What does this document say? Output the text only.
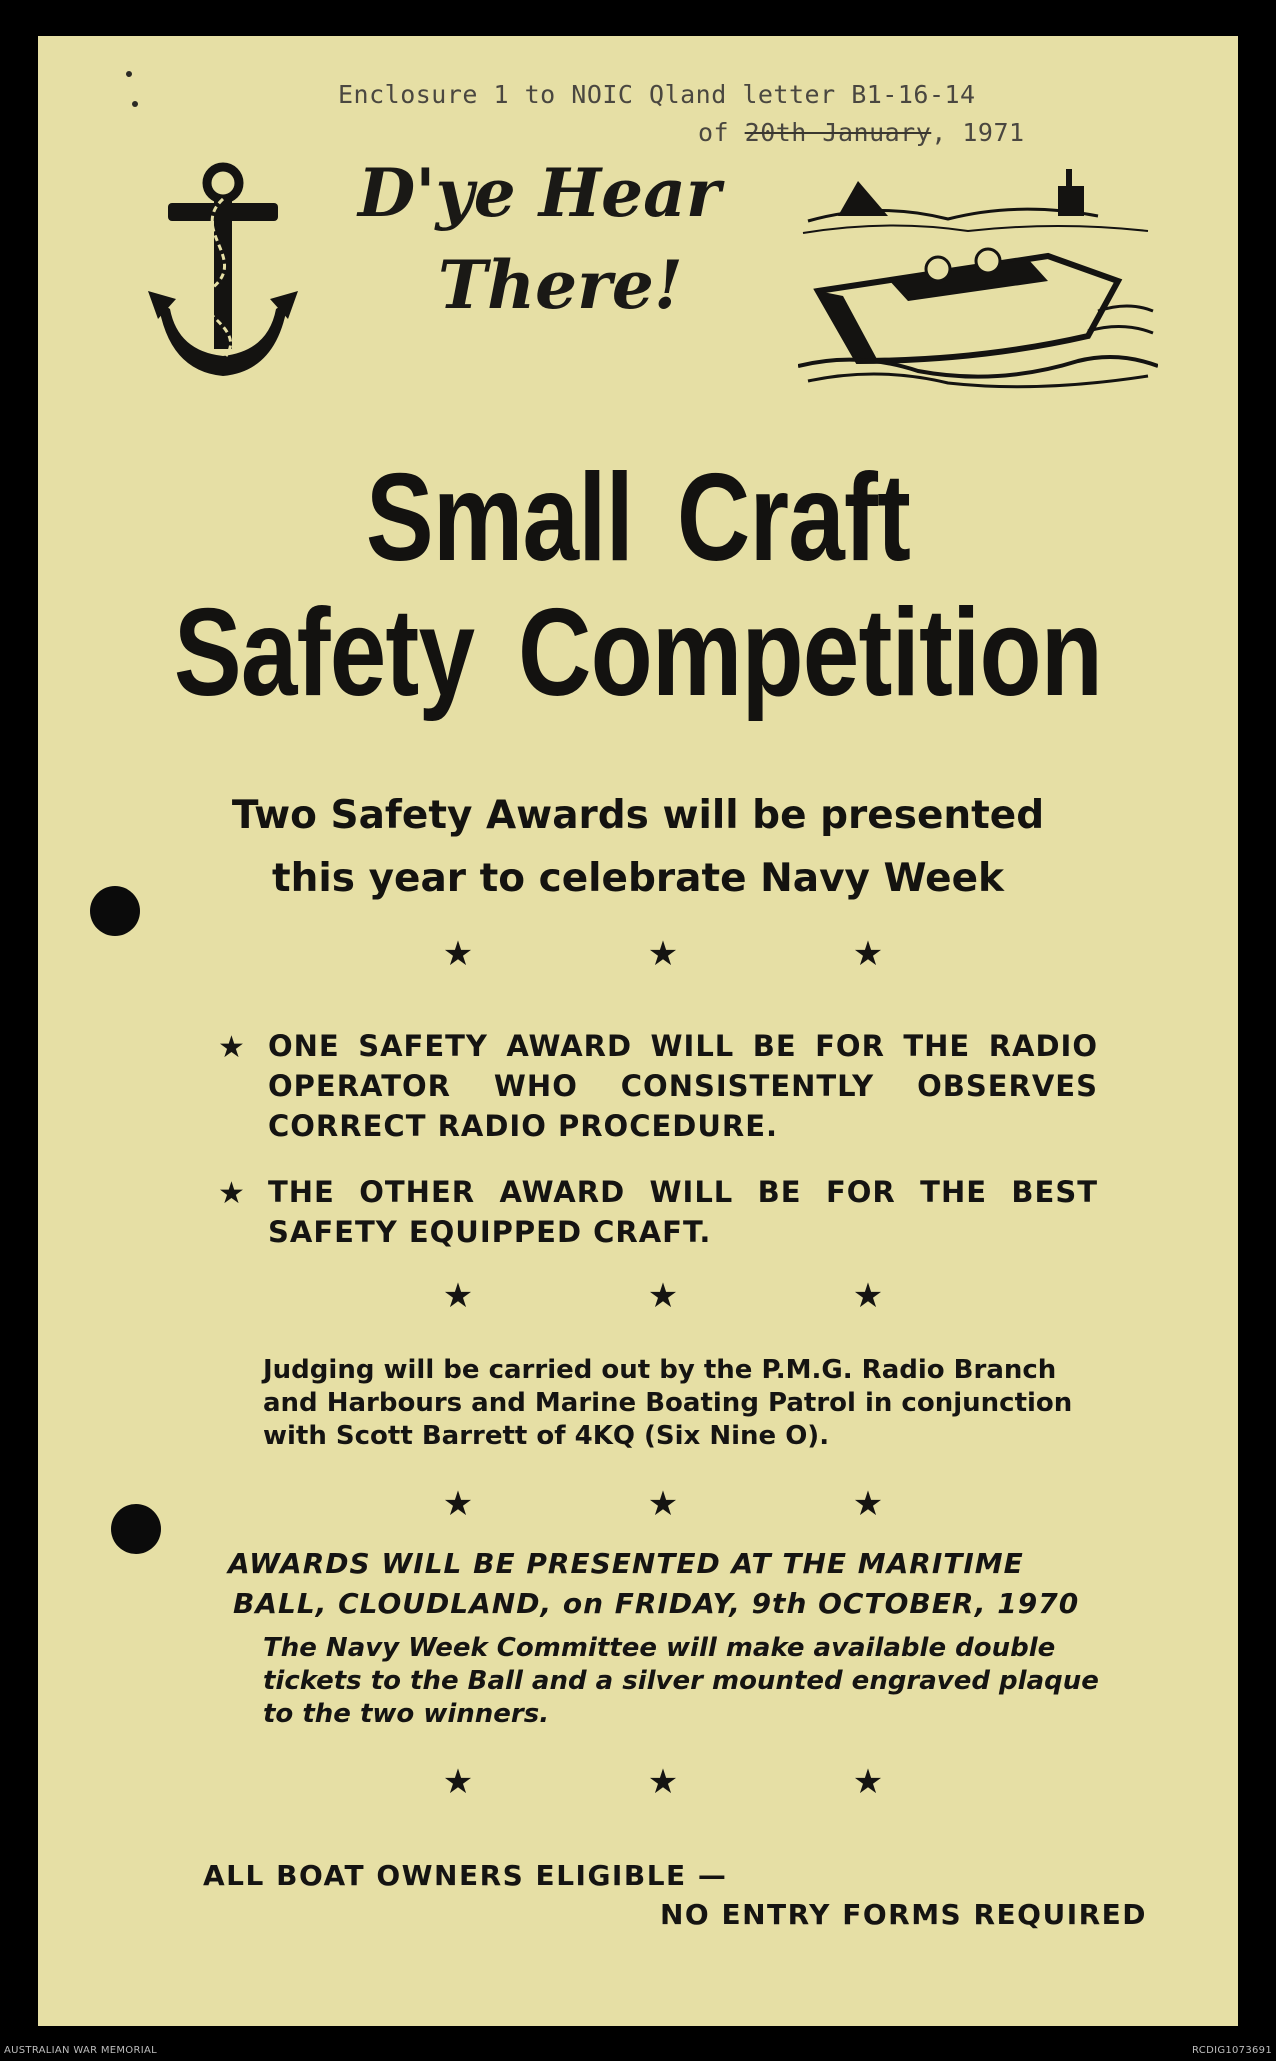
Enclosure 1 to NOIC Qland letter B1-16-14
of 20th January, 1971
D'ye Hear
There!
Small Craft
Safety Competition
Two Safety Awards will be presented
this year to celebrate Navy Week
★	★	★
★ ONE SAFETY AWARD WILL BE FOR THE RADIO
OPERATOR WHO CONSISTENTLY OBSERVES
CORRECT RADIO PROCEDURE.
★ THE OTHER AWARD WILL BE FOR THE BEST
SAFETY EQUIPPED CRAFT.
★	★	★
Judging will be carried out by the P.M.G. Radio Branch
and Harbours and Marine Boating Patrol in conjunction
with Scott Barrett of 4KQ (Six Nine O).
★	★	★
AWARDS WILL BE PRESENTED AT THE MARITIME
BALL, CLOUDLAND, on FRIDAY, 9th OCTOBER, 1970
The Navy Week Committee will make available double
tickets to the Ball and a silver mounted engraved plaque
to the two winners.
★	★	★
ALL BOAT OWNERS ELIGIBLE —
NO ENTRY FORMS REQUIRED
AUSTRALIAN WAR MEMORIAL	RCDIG1073691
